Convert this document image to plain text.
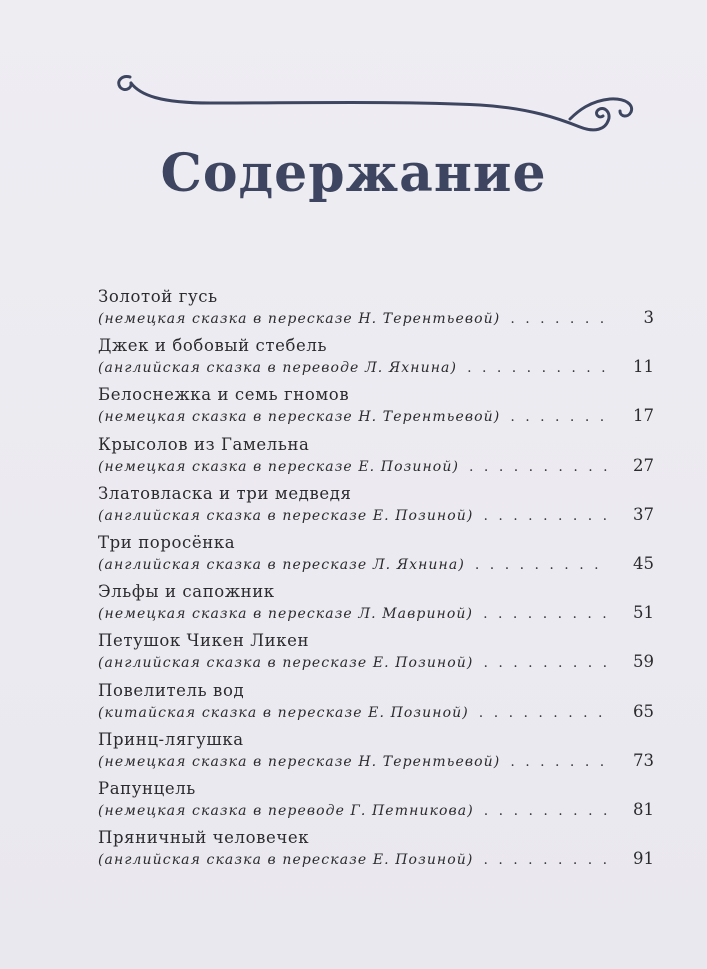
Содержание
Золотой гусь
(немецкая сказка в пересказе Н. Терентьевой) . . .	3
Джек и бобовый стебель
(английская сказка в переводе Л. Яхнина) . . .	11
Белоснежка и семь гномов
(немецкая сказка в пересказе Н. Терентьевой) . . .	17
Крысолов из Гамельна
(немецкая сказка в пересказе Е. Позиной) . . .	27
Златовласка и три медведя
(английская сказка в пересказе Е. Позиной) . . .	37
Три поросёнка
(английская сказка в пересказе Л. Яхнина) . . .	45
Эльфы и сапожник
(немецкая сказка в пересказе Л. Мавриной) . . .	51
Петушок Чикен Ликен
(английская сказка в пересказе Е. Позиной) . . .	59
Повелитель вод
(китайская сказка в пересказе Е. Позиной) . . .	65
Принц-лягушка
(немецкая сказка в пересказе Н. Терентьевой) . . .	73
Рапунцель
(немецкая сказка в переводе Г. Петникова) . . .	81
Пряничный человечек
(английская сказка в пересказе Е. Позиной) . . .	91
